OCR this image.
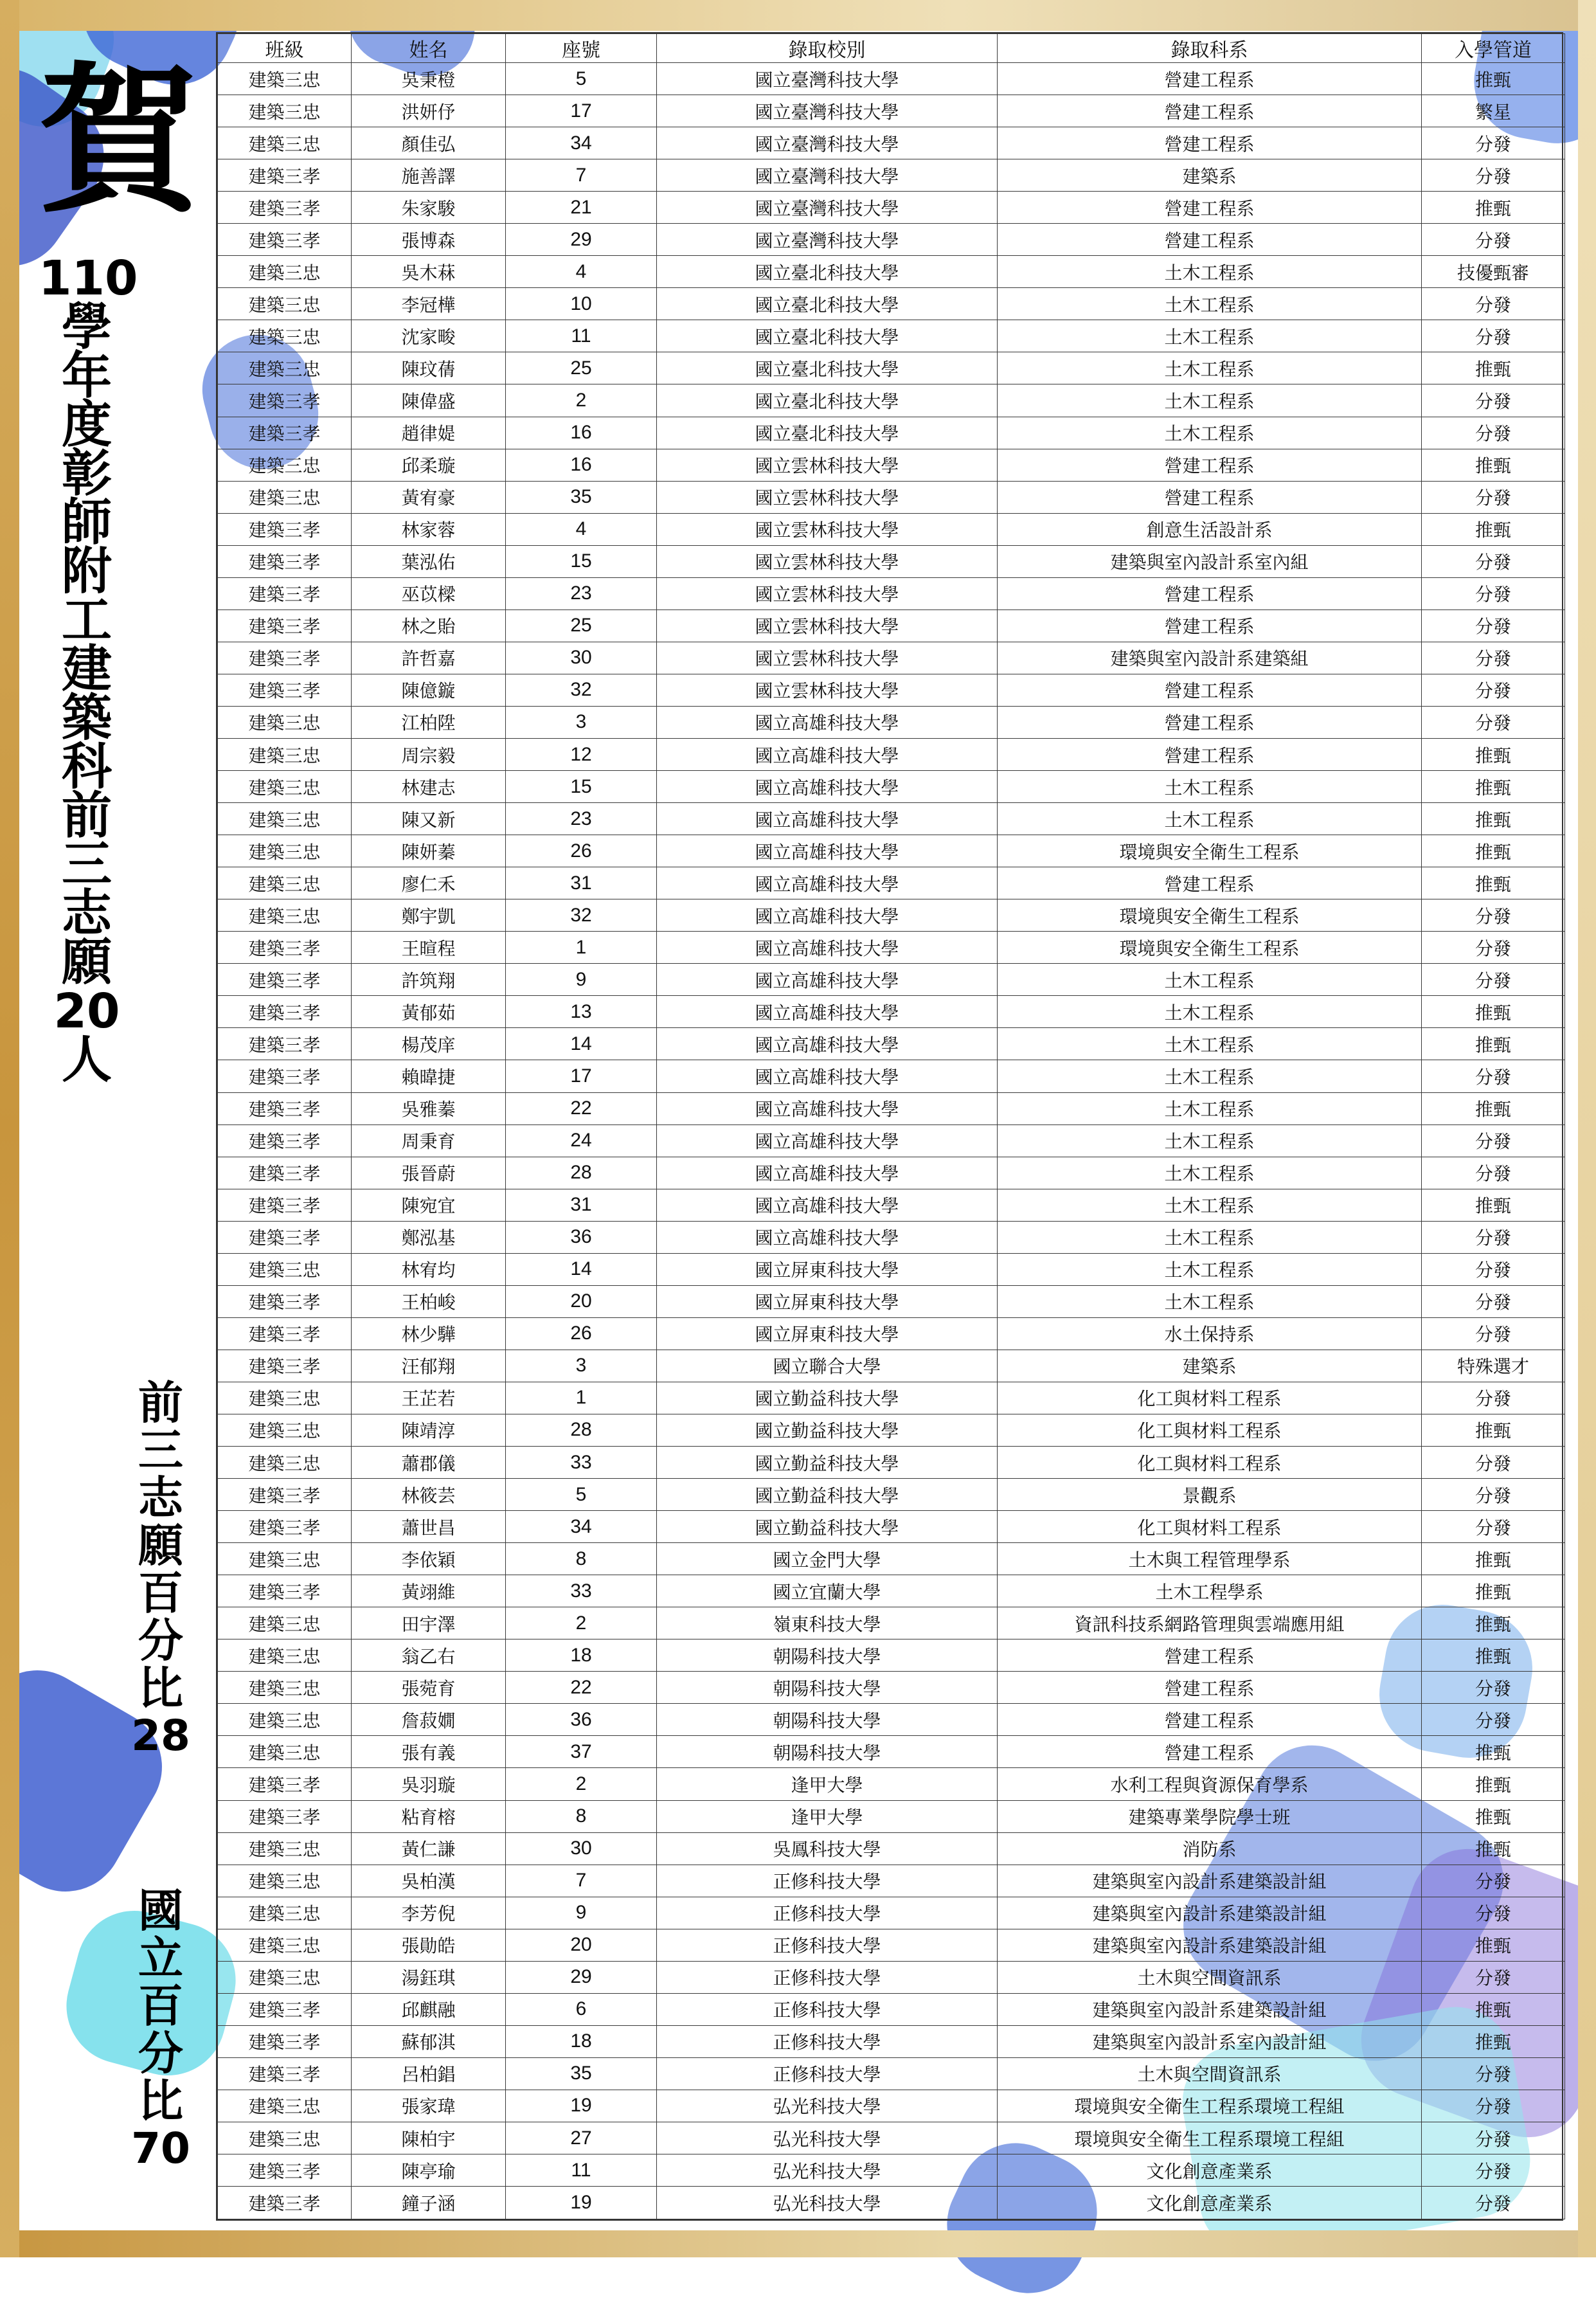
賀
110
學
年
度
彰
師
附
工
建
築
科
前
三
志
願
20
人
前
三
志
願
百
分
比
28
國
立
百
分
比
70
班級	姓名	座號	錄取校別	錄取科系	入學管道
建築三忠	吳秉橙	5	國立臺灣科技大學	營建工程系	推甄
建築三忠	洪妍伃	17	國立臺灣科技大學	營建工程系	繁星
建築三忠	顏佳弘	34	國立臺灣科技大學	營建工程系	分發
建築三孝	施善譯	7	國立臺灣科技大學	建築系	分發
建築三孝	朱家駿	21	國立臺灣科技大學	營建工程系	推甄
建築三孝	張博森	29	國立臺灣科技大學	營建工程系	分發
建築三忠	吳木菻	4	國立臺北科技大學	土木工程系	技優甄審
建築三忠	李冠樺	10	國立臺北科技大學	土木工程系	分發
建築三忠	沈家畯	11	國立臺北科技大學	土木工程系	分發
建築三忠	陳玟蒨	25	國立臺北科技大學	土木工程系	推甄
建築三孝	陳偉盛	2	國立臺北科技大學	土木工程系	分發
建築三孝	趙律媞	16	國立臺北科技大學	土木工程系	分發
建築三忠	邱柔璇	16	國立雲林科技大學	營建工程系	推甄
建築三忠	黃宥豪	35	國立雲林科技大學	營建工程系	分發
建築三孝	林家蓉	4	國立雲林科技大學	創意生活設計系	推甄
建築三孝	葉泓佑	15	國立雲林科技大學	建築與室內設計系室內組	分發
建築三孝	巫苡樑	23	國立雲林科技大學	營建工程系	分發
建築三孝	林之貽	25	國立雲林科技大學	營建工程系	分發
建築三孝	許哲嘉	30	國立雲林科技大學	建築與室內設計系建築組	分發
建築三孝	陳億鏇	32	國立雲林科技大學	營建工程系	分發
建築三忠	江柏陞	3	國立高雄科技大學	營建工程系	分發
建築三忠	周宗毅	12	國立高雄科技大學	營建工程系	推甄
建築三忠	林建志	15	國立高雄科技大學	土木工程系	推甄
建築三忠	陳又新	23	國立高雄科技大學	土木工程系	推甄
建築三忠	陳妍蓁	26	國立高雄科技大學	環境與安全衛生工程系	推甄
建築三忠	廖仁禾	31	國立高雄科技大學	營建工程系	推甄
建築三忠	鄭宇凱	32	國立高雄科技大學	環境與安全衛生工程系	分發
建築三孝	王暄程	1	國立高雄科技大學	環境與安全衛生工程系	分發
建築三孝	許筑翔	9	國立高雄科技大學	土木工程系	分發
建築三孝	黃郁茹	13	國立高雄科技大學	土木工程系	推甄
建築三孝	楊茂庠	14	國立高雄科技大學	土木工程系	推甄
建築三孝	賴暐捷	17	國立高雄科技大學	土木工程系	分發
建築三孝	吳雅蓁	22	國立高雄科技大學	土木工程系	推甄
建築三孝	周秉育	24	國立高雄科技大學	土木工程系	分發
建築三孝	張晉蔚	28	國立高雄科技大學	土木工程系	分發
建築三孝	陳宛宜	31	國立高雄科技大學	土木工程系	推甄
建築三孝	鄭泓基	36	國立高雄科技大學	土木工程系	分發
建築三忠	林宥均	14	國立屏東科技大學	土木工程系	分發
建築三孝	王柏峻	20	國立屏東科技大學	土木工程系	分發
建築三孝	林少驊	26	國立屏東科技大學	水土保持系	分發
建築三孝	汪郁翔	3	國立聯合大學	建築系	特殊選才
建築三忠	王芷若	1	國立勤益科技大學	化工與材料工程系	分發
建築三忠	陳靖淳	28	國立勤益科技大學	化工與材料工程系	推甄
建築三忠	蕭郡儀	33	國立勤益科技大學	化工與材料工程系	分發
建築三孝	林筱芸	5	國立勤益科技大學	景觀系	分發
建築三孝	蕭世昌	34	國立勤益科技大學	化工與材料工程系	分發
建築三忠	李依穎	8	國立金門大學	土木與工程管理學系	推甄
建築三孝	黃翊維	33	國立宜蘭大學	土木工程學系	推甄
建築三忠	田宇澤	2	嶺東科技大學	資訊科技系網路管理與雲端應用組	推甄
建築三忠	翁乙右	18	朝陽科技大學	營建工程系	推甄
建築三忠	張菀育	22	朝陽科技大學	營建工程系	分發
建築三忠	詹菽嫺	36	朝陽科技大學	營建工程系	分發
建築三忠	張有義	37	朝陽科技大學	營建工程系	推甄
建築三孝	吳羽璇	2	逢甲大學	水利工程與資源保育學系	推甄
建築三孝	粘育榕	8	逢甲大學	建築專業學院學士班	推甄
建築三忠	黃仁謙	30	吳鳳科技大學	消防系	推甄
建築三忠	吳柏漢	7	正修科技大學	建築與室內設計系建築設計組	分發
建築三忠	李芳倪	9	正修科技大學	建築與室內設計系建築設計組	分發
建築三忠	張勛皓	20	正修科技大學	建築與室內設計系建築設計組	推甄
建築三忠	湯鈺琪	29	正修科技大學	土木與空間資訊系	分發
建築三孝	邱麒融	6	正修科技大學	建築與室內設計系建築設計組	推甄
建築三孝	蘇郁淇	18	正修科技大學	建築與室內設計系室內設計組	推甄
建築三孝	呂柏錩	35	正修科技大學	土木與空間資訊系	分發
建築三忠	張家瑋	19	弘光科技大學	環境與安全衛生工程系環境工程組	分發
建築三忠	陳柏宇	27	弘光科技大學	環境與安全衛生工程系環境工程組	分發
建築三孝	陳亭瑜	11	弘光科技大學	文化創意產業系	分發
建築三孝	鐘子涵	19	弘光科技大學	文化創意產業系	分發
